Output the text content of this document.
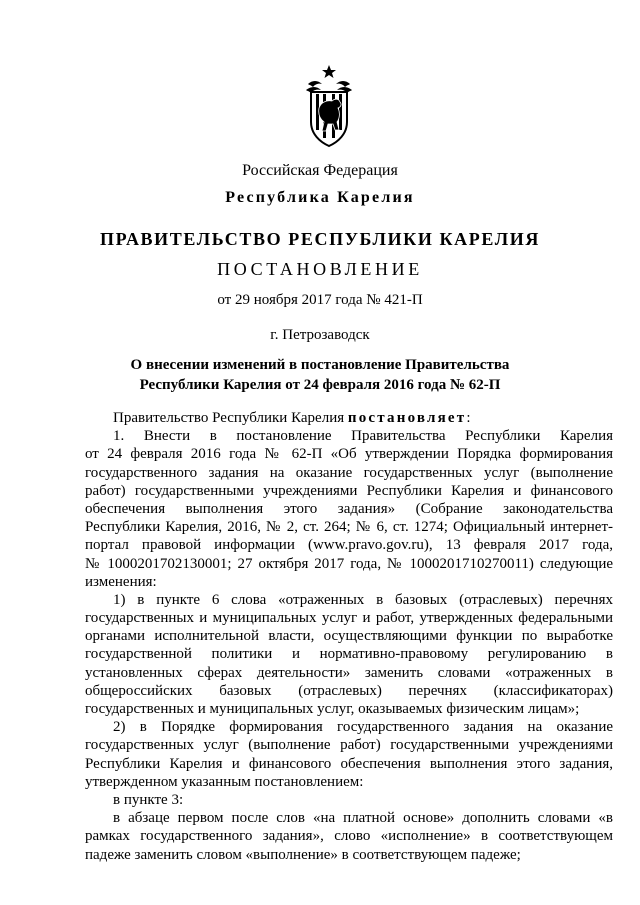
Российская Федерация
Республика Карелия
ПРАВИТЕЛЬСТВО РЕСПУБЛИКИ КАРЕЛИЯ
ПОСТАНОВЛЕНИЕ
от 29 ноября 2017 года № 421-П
г. Петрозаводск
О внесении изменений в постановление Правительства
Республики Карелия от 24 февраля 2016 года № 62-П
Правительство Республики Карелия постановляет:
1. Внести в постановление Правительства Республики Карелия
от 24 февраля 2016 года № 62-П «Об утверждении Порядка формирования
государственного задания на оказание государственных услуг (выполнение
работ) государственными учреждениями Республики Карелия и финансового
обеспечения выполнения этого задания» (Собрание законодательства
Республики Карелия, 2016, № 2, ст. 264; № 6, ст. 1274; Официальный интернет-
портал правовой информации (www.pravo.gov.ru), 13 февраля 2017 года,
№ 1000201702130001; 27 октября 2017 года, № 1000201710270011) следующие
изменения:
1) в пункте 6 слова «отраженных в базовых (отраслевых) перечнях
государственных и муниципальных услуг и работ, утвержденных федеральными
органами исполнительной власти, осуществляющими функции по выработке
государственной политики и нормативно-правовому регулированию в
установленных сферах деятельности» заменить словами «отраженных в
общероссийских базовых (отраслевых) перечнях (классификаторах)
государственных и муниципальных услуг, оказываемых физическим лицам»;
2) в Порядке формирования государственного задания на оказание
государственных услуг (выполнение работ) государственными учреждениями
Республики Карелия и финансового обеспечения выполнения этого задания,
утвержденном указанным постановлением:
в пункте 3:
в абзаце первом после слов «на платной основе» дополнить словами «в
рамках государственного задания», слово «исполнение» в соответствующем
падеже заменить словом «выполнение» в соответствующем падеже;
